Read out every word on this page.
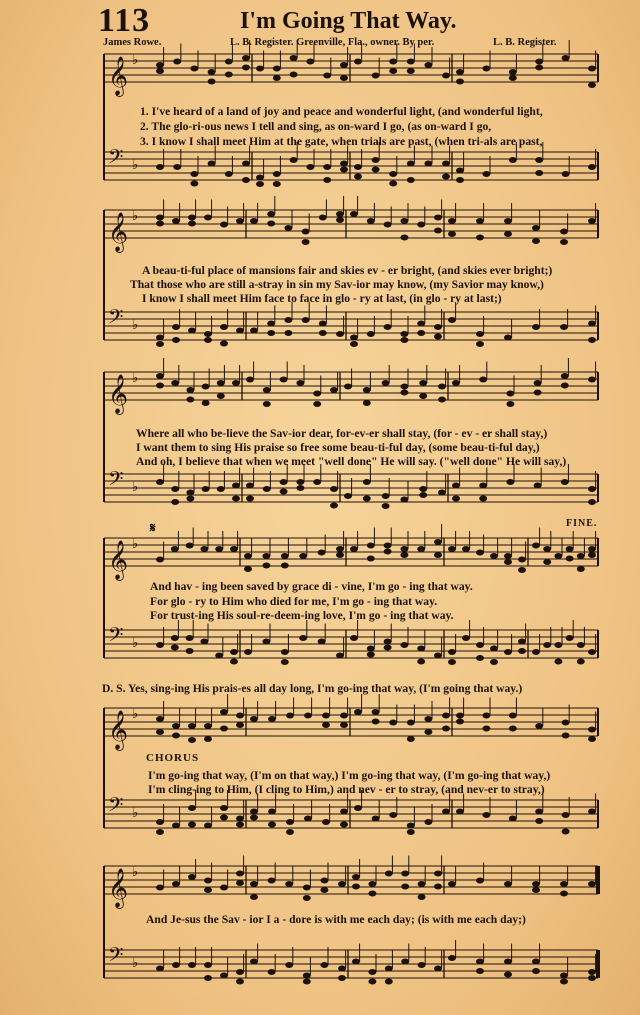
113	I'm Going That Way.
James Rowe.	L. B. Register. Greenville, Fla., owner. By per.	L. B. Register.
𝄞 ♭
𝄢 ♭
𝄞 ♭
𝄢 ♭
𝄞 ♭
𝄢 ♭
𝄞 ♭
𝄢 ♭
𝄞 ♭
𝄢 ♭
𝄞 ♭
𝄢 ♭
1. I've heard of a land of joy and peace and wonderful light, (and wonderful light,
2. The glo-ri-ous news I tell and sing, as on-ward I go, (as on-ward I go,
3. I know I shall meet Him at the gate, when trials are past, (when tri-als are past,
A beau-ti-ful place of mansions fair and skies ev - er bright, (and skies ever bright;)
That those who are still a-stray in sin my Sav-ior may know, (my Savior may know,)
I know I shall meet Him face to face in glo - ry at last, (in glo - ry at last;)
Where all who be-lieve the Sav-ior dear, for-ev-er shall stay, (for - ev - er shall stay,)
I want them to sing His praise so free some beau-ti-ful day, (some beau-ti-ful day,)
And oh, I believe that when we meet "well done" He will say. ("well done" He will say,)
𝄋	FINE.
And hav - ing been saved by grace di - vine, I'm go - ing that way.
For glo - ry to Him who died for me, I'm go - ing that way.
For trust-ing His soul-re-deem-ing love, I'm go - ing that way.
D. S. Yes, sing-ing His prais-es all day long, I'm go-ing that way, (I'm going that way.)
CHORUS
I'm go-ing that way, (I'm on that way,) I'm go-ing that way, (I'm go-ing that way,)
I'm cling-ing to Him, (I cling to Him,) and nev - er to stray, (and nev-er to stray,)
And Je-sus the Sav - ior I a - dore is with me each day; (is with me each day;)
